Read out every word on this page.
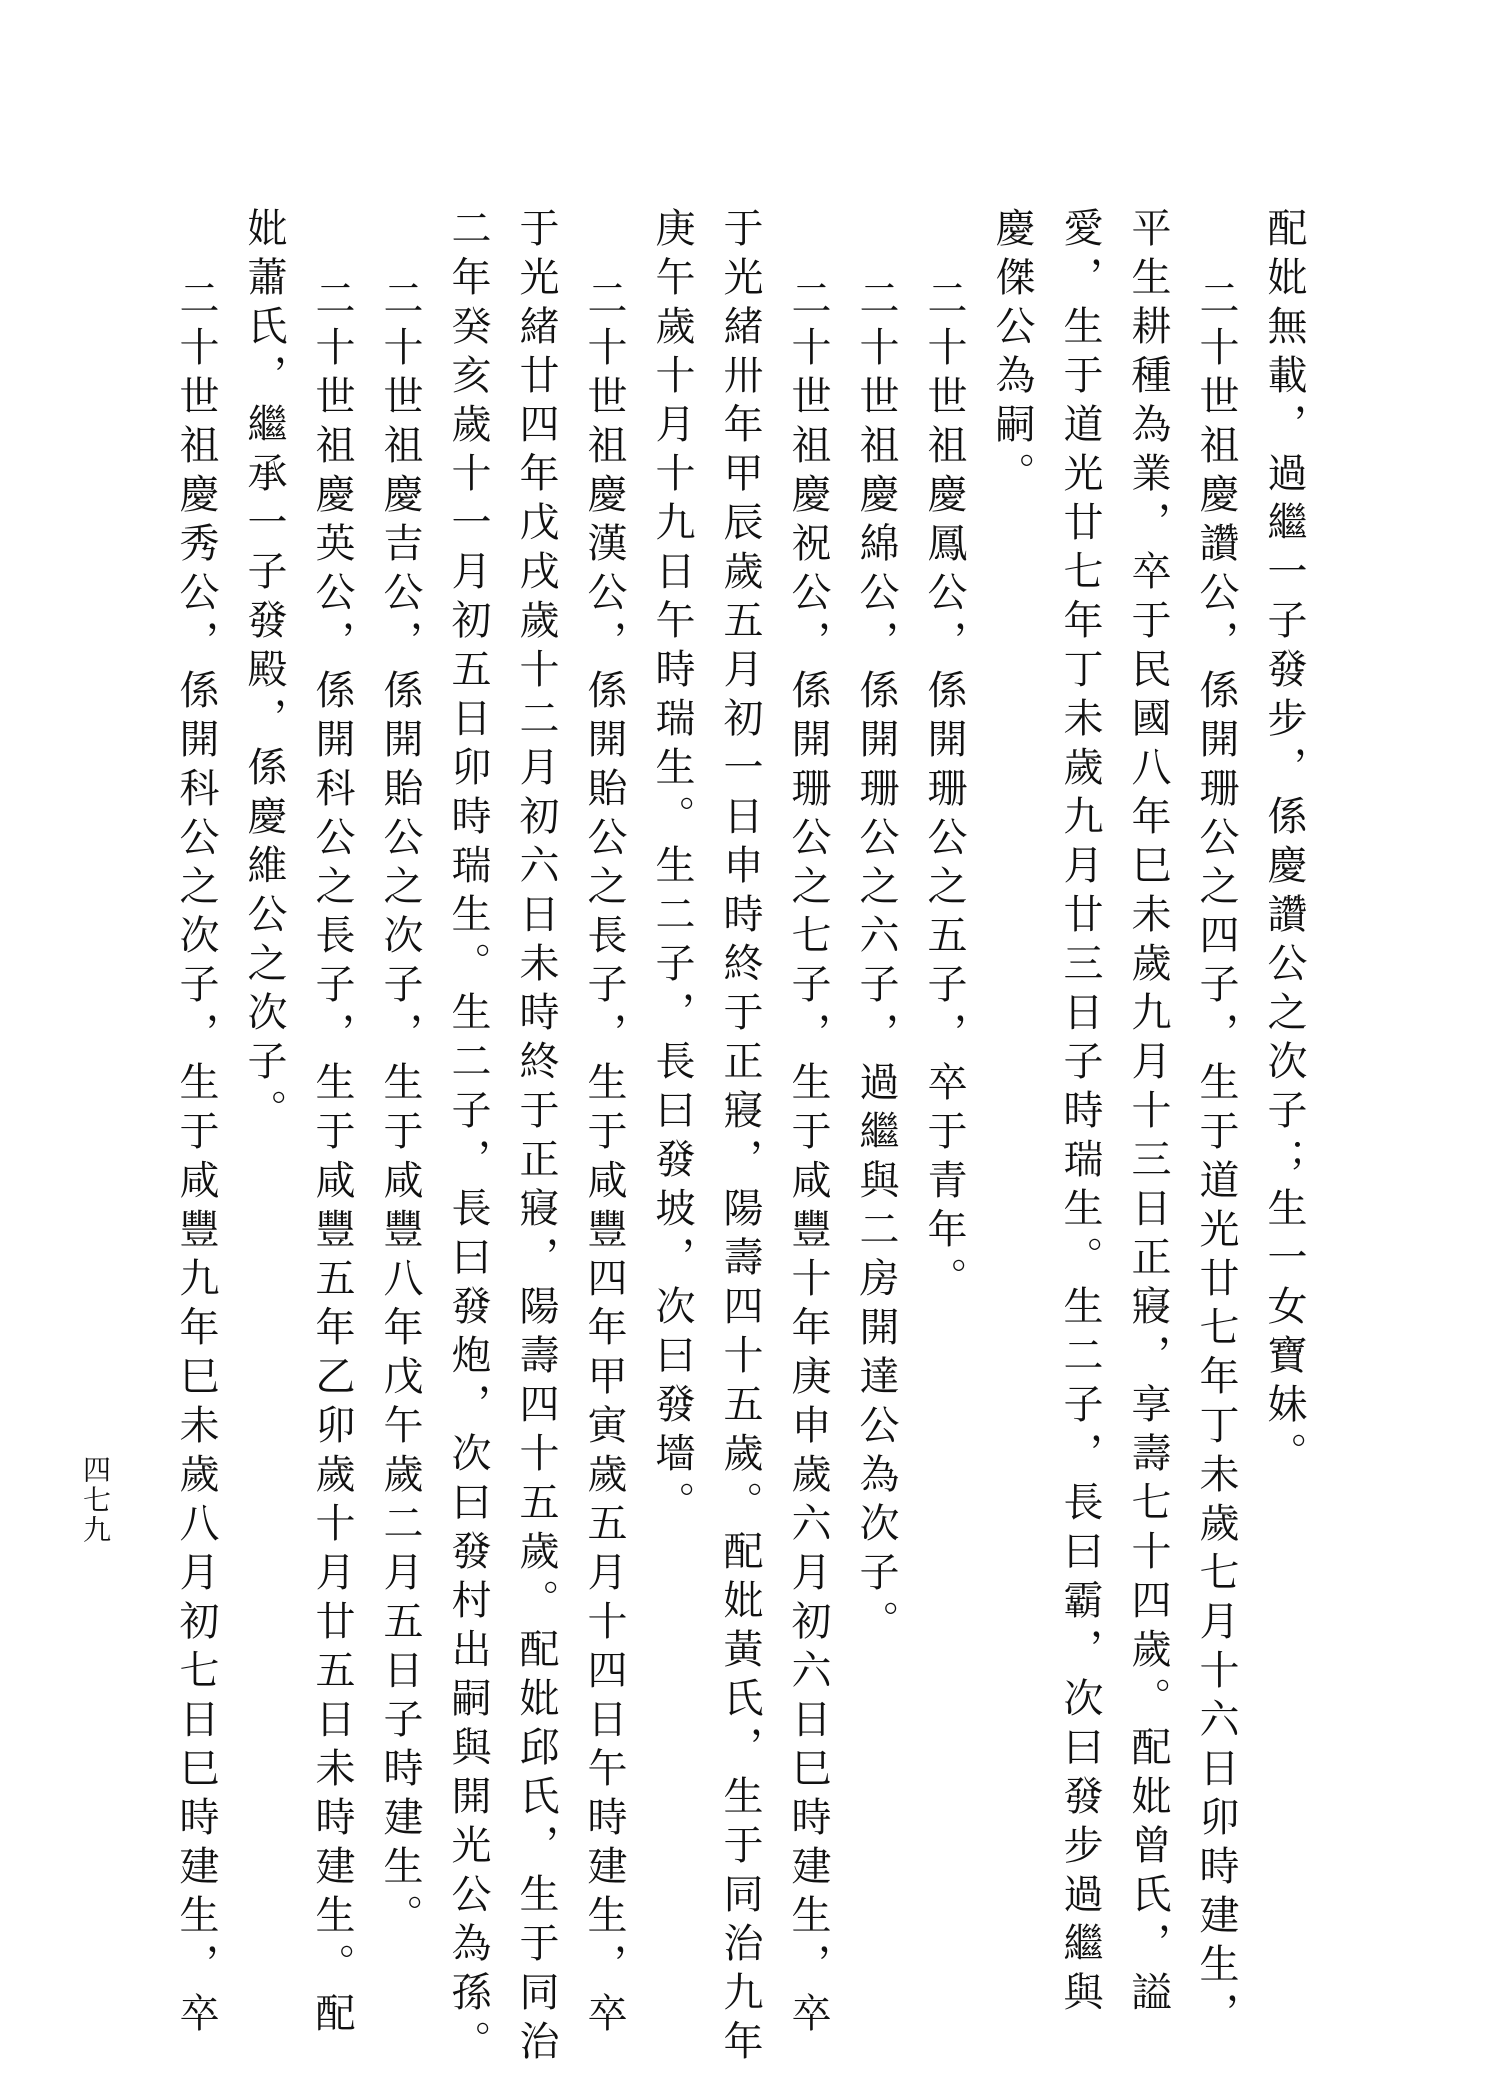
配妣無載，過繼一子發步，係慶讚公之次子；生一女寶妹。

二十世祖慶讚公，係開珊公之四子，生于道光廿七年丁未歲七月十六日卯時建生，

平生耕種為業，卒于民國八年巳未歲九月十三日正寢，享壽七十四歲。配妣曾氏，謚

愛，生于道光廿七年丁未歲九月廿三日子時瑞生。生二子，長曰霸，次曰發步過繼與

慶傑公為嗣。

二十世祖慶鳳公，係開珊公之五子，卒于青年。

二十世祖慶綿公，係開珊公之六子，過繼與二房開達公為次子。

二十世祖慶祝公，係開珊公之七子，生于咸豐十年庚申歲六月初六日巳時建生，卒

于光緒卅年甲辰歲五月初一日申時終于正寢，陽壽四十五歲。配妣黃氏，生于同治九年

庚午歲十月十九日午時瑞生。生二子，長曰發坡，次曰發墻。

二十世祖慶漢公，係開貽公之長子，生于咸豐四年甲寅歲五月十四日午時建生，卒

于光緒廿四年戊戌歲十二月初六日未時終于正寢，陽壽四十五歲。配妣邱氏，生于同治

二年癸亥歲十一月初五日卯時瑞生。生二子，長曰發炮，次曰發村出嗣與開光公為孫。

二十世祖慶吉公，係開貽公之次子，生于咸豐八年戊午歲二月五日子時建生。

二十世祖慶英公，係開科公之長子，生于咸豐五年乙卯歲十月廿五日未時建生。配

妣蕭氏，繼承一子發殿，係慶維公之次子。

二十世祖慶秀公，係開科公之次子，生于咸豐九年巳未歲八月初七日巳時建生，卒

四七九
